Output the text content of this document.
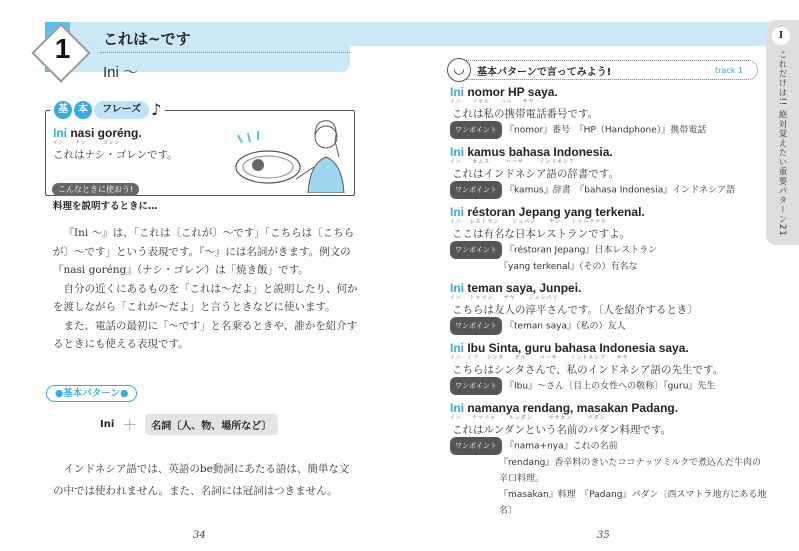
1	これは~です
Ini ～
基	本	フレーズ ♪
Ini nasi goréng.
イニ    ナシ      ゴレン
これはナシ・ゴレンです。
こんなときに使おう!
料理を説明するときに…

『Ini ～』は、「これは〔これが〕～です」「こちらは〔こちらが〕～です」という表現です。『～』には名詞がきます。例文の『nasi goréng』（ナシ・ゴレン）は「焼き飯」です。

自分の近くにあるものを「これは～だよ」と説明したり、何かを渡しながら「これが～だよ」と言うときなどに使います。

また、電話の最初に「～です」と名乗るときや、誰かを紹介するときにも使える表現です。

●基本パターン●
Ini ＋	名詞〔人、物、場所など〕

インドネシア語では、英語のbe動詞にあたる語は、簡単な文の中では使われません。また、名詞には冠詞はつきません。

34	35
基本パターンで言ってみよう!	track 1
◡
Ini nomor HP saya.
イニ    ノモル    ハペ    サヤ
これは私の携帯電話番号です。
ワンポイント 『nomor』番号　『HP（Handphone）』携帯電話
Ini kamus bahasa Indonesia.
イニ    カムス      バハサ      インドネシア
これはインドネシア語の辞書です。
ワンポイント 『kamus』辞書　『bahasa Indonesia』インドネシア語
Ini réstoran Jepang yang terkenal.
イニ   レストラン     ジュパン     ヤン    トゥルクナル
ここは有名な日本レストランですよ。
ワンポイント 『réstoran Jepang』日本レストラン
『yang terkenal』（その）有名な
Ini teman saya, Junpei.
イニ   トゥマン    サヤ     ジュンペイ
こちらは友人の淳平さんです。〔人を紹介するとき〕
ワンポイント 『teman saya』（私の）友人
Ini Ibu Sinta, guru bahasa Indonesia saya.
イニ  イブ   シンタ    グル     バハサ     インドネシア    サヤ
こちらはシンタさんで、私のインドネシア語の先生です。
ワンポイント 『Ibu』～さん〔目上の女性への敬称〕『guru』先生
Ini namanya rendang, masakan Padang.
イニ    ナマニャ     ルンダン      マサカン      パダン
これはルンダンという名前のパダン料理です。
ワンポイント 『nama+nya』これの名前
『rendang』香辛料のきいたココナッツミルクで煮込んだ牛肉の辛口料理。
『masakan』料理　『Padang』パダン〔西スマトラ地方にある地名〕
I
これだけは!! 絶対覚えたい重要パターン21
